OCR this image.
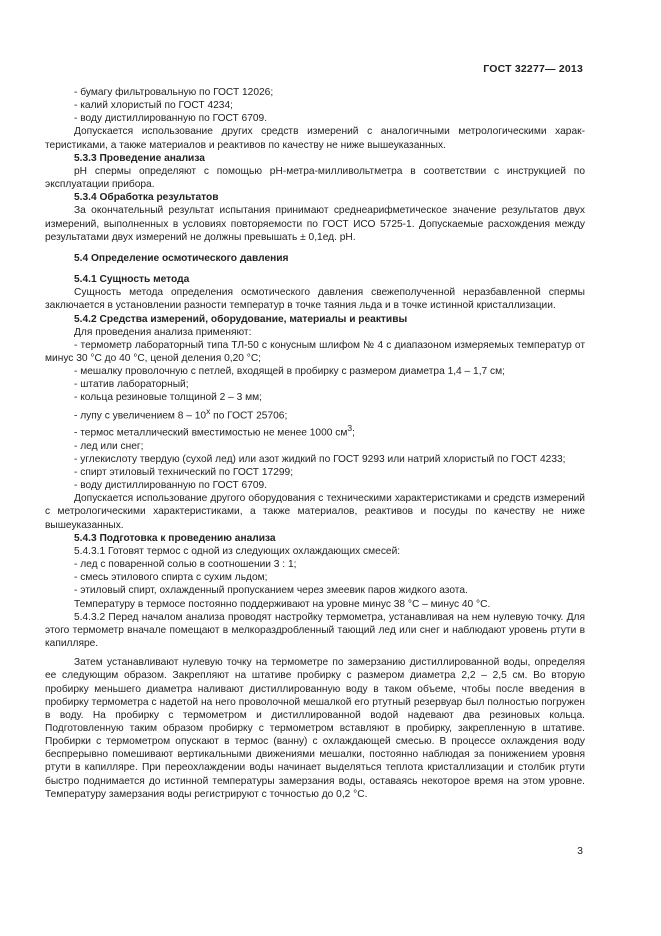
ГОСТ 32277— 2013

- бумагу фильтровальную по ГОСТ 12026;

- калий хлористый по ГОСТ 4234;

- воду дистиллированную по ГОСТ 6709.

Допускается использование других средств измерений с аналогичными метрологическими характеристиками, а также материалов и реактивов по качеству не ниже вышеуказанных.

5.3.3 Проведение анализа

pH спермы определяют с помощью pH-метра-милливольтметра в соответствии с инструкцией по эксплуатации прибора.

5.3.4 Обработка результатов

За окончательный результат испытания принимают среднеарифметическое значение результатов двух измерений, выполненных в условиях повторяемости по ГОСТ ИСО 5725-1. Допускаемые расхождения между результатами двух измерений не должны превышать ± 0,1ед. pH.

5.4 Определение осмотического давления

5.4.1 Сущность метода

Сущность метода определения осмотического давления свежеполученной неразбавленной спермы заключается в установлении разности температур в точке таяния льда и в точке истинной кристаллизации.

5.4.2 Средства измерений, оборудование, материалы и реактивы

Для проведения анализа применяют:

- термометр лабораторный типа ТЛ-50 с конусным шлифом № 4 с диапазоном измеряемых температур от минус 30 °С до 40 °С, ценой деления 0,20 °С;

- мешалку проволочную с петлей, входящей в пробирку с размером диаметра 1,4 – 1,7 см;

- штатив лабораторный;

- кольца резиновые толщиной 2 – 3 мм;

- лупу с увеличением $8 - 10^х$ по ГОСТ 25706;

- термос металлический вместимостью не менее 1000 $см^3$;

- лед или снег;

- углекислоту твердую (сухой лед) или азот жидкий по ГОСТ 9293 или натрий хлористый по ГОСТ 4233;

- спирт этиловый технический по ГОСТ 17299;

- воду дистиллированную по ГОСТ 6709.

Допускается использование другого оборудования с техническими характеристиками и средств измерений с метрологическими характеристиками, а также материалов, реактивов и посуды по качеству не ниже вышеуказанных.

5.4.3 Подготовка к проведению анализа

5.4.3.1 Готовят термос с одной из следующих охлаждающих смесей:

- лед с поваренной солью в соотношении 3 : 1;

- смесь этилового спирта с сухим льдом;

- этиловый спирт, охлажденный пропусканием через змеевик паров жидкого азота.

Температуру в термосе постоянно поддерживают на уровне минус 38 °С – минус 40 °С.

5.4.3.2 Перед началом анализа проводят настройку термометра, устанавливая на нем нулевую точку. Для этого термометр вначале помещают в мелкораздробленный тающий лед или снег и наблюдают уровень ртути в капилляре.

Затем устанавливают нулевую точку на термометре по замерзанию дистиллированной воды, определяя ее следующим образом. Закрепляют на штативе пробирку с размером диаметра 2,2 – 2,5 см. Во вторую пробирку меньшего диаметра наливают дистиллированную воду в таком объеме, чтобы после введения в пробирку термометра с надетой на него проволочной мешалкой его ртутный резервуар был полностью погружен в воду. На пробирку с термометром и дистиллированной водой надевают два резиновых кольца. Подготовленную таким образом пробирку с термометром вставляют в пробирку, закрепленную в штативе. Пробирки с термометром опускают в термос (ванну) с охлаждающей смесью. В процессе охлаждения воду беспрерывно помешивают вертикальными движениями мешалки, постоянно наблюдая за понижением уровня ртути в капилляре. При переохлаждении воды начинает выделяться теплота кристаллизации и столбик ртути быстро поднимается до истинной температуры замерзания воды, оставаясь некоторое время на этом уровне. Температуру замерзания воды регистрируют с точностью до 0,2 °С.

3
